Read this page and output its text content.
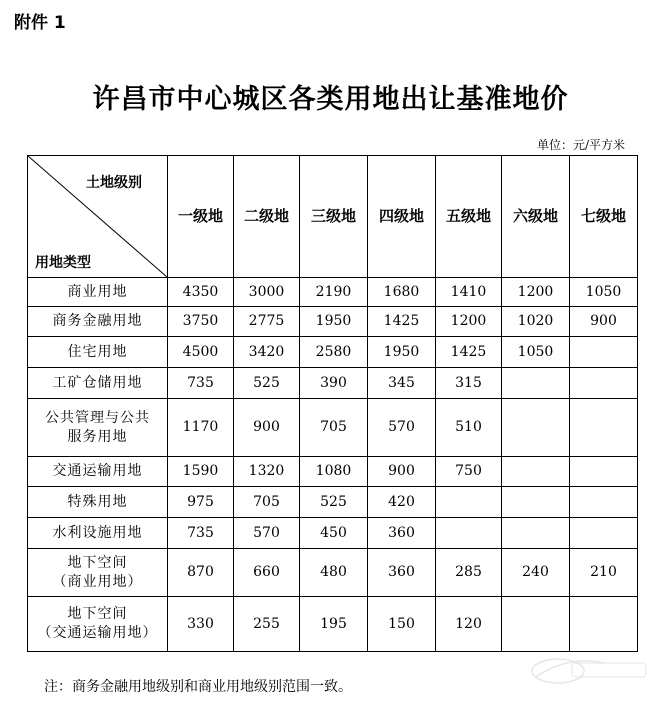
附件 1
许昌市中心城区各类用地出让基准地价
单位：元/平方米
土地级别
用地类型	一级地	二级地	三级地	四级地	五级地	六级地	七级地

商业用地	4350	3000	2190	1680	1410	1200	1050

商务金融用地	3750	2775	1950	1425	1200	1020	900

住宅用地	4500	3420	2580	1950	1425	1050	

工矿仓储用地	735	525	390	345	315		

公共管理与公共
服务用地	1170	900	705	570	510		

交通运输用地	1590	1320	1080	900	750		

特殊用地	975	705	525	420			

水利设施用地	735	570	450	360			

地下空间
（商业用地）	870	660	480	360	285	240	210

地下空间
（交通运输用地）	330	255	195	150	120		
注：商务金融用地级别和商业用地级别范围一致。
